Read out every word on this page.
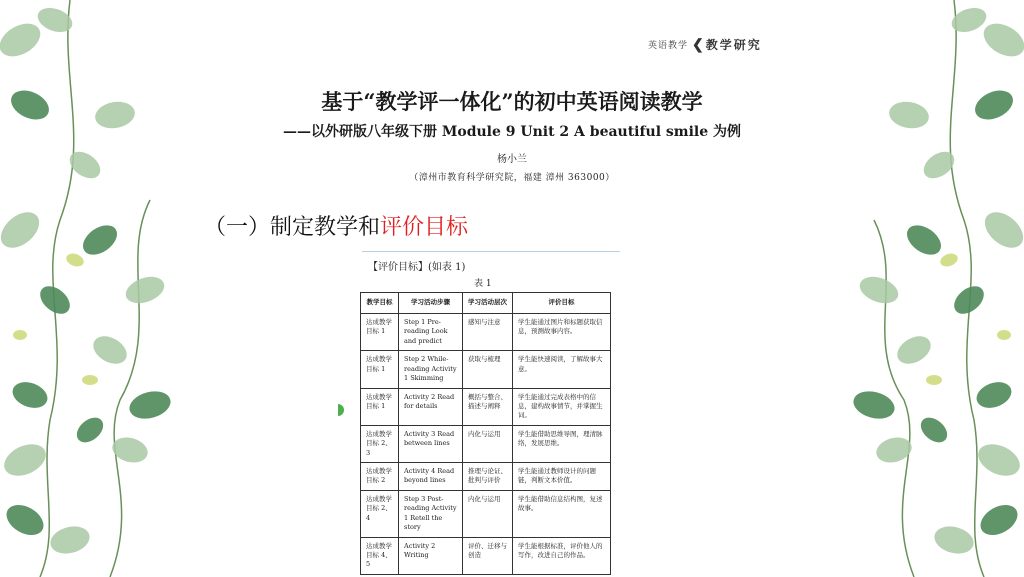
英语教学 ❮ 教学研究
基于“教学评一体化”的初中英语阅读教学
——以外研版八年级下册 Module 9 Unit 2 A beautiful smile 为例
杨小兰
（漳州市教育科学研究院，福建 漳州 363000）
（一）制定教学和评价目标
【评价目标】(如表 1)
表 1
教学目标	学习活动步骤	学习活动层次	评价目标
达成教学目标 1	Step 1 Pre-reading Look and predict	感知与注意	学生能通过图片和标题获取信息，预测故事内容。
达成教学目标 1	Step 2 While-reading Activity 1 Skimming	获取与梳理	学生能快速阅读，了解故事大意。
达成教学目标 1	Activity 2 Read for details	概括与整合、描述与阐释	学生能通过完成表格中的信息，建构故事情节，并掌握生词。
达成教学目标 2、3	Activity 3 Read between lines	内化与运用	学生能借助思维导图，理清脉络，发展思维。
达成教学目标 2	Activity 4 Read beyond lines	推理与论证、批判与评价	学生能通过教师设计的问题链，判断文本价值。
达成教学目标 2、4	Step 3 Post-reading Activity 1 Retell the story	内化与运用	学生能借助信息结构图，复述故事。
达成教学目标 4、5	Activity 2 Writing	评价、迁移与创造	学生能根据标准，评价他人的写作，改进自己的作品。
